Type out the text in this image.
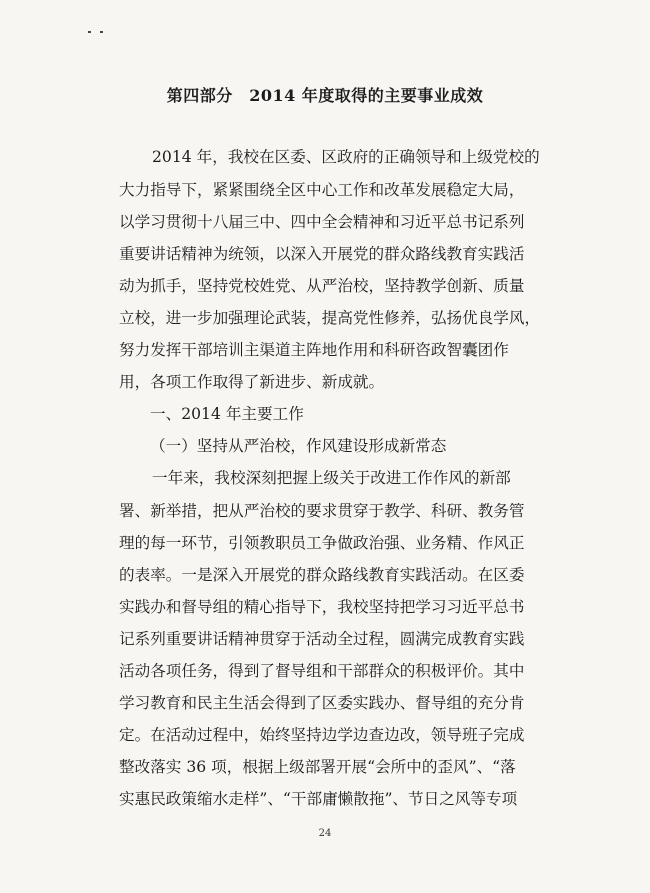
第四部分　2014 年度取得的主要事业成效
2014 年，我校在区委、区政府的正确领导和上级党校的
大力指导下，紧紧围绕全区中心工作和改革发展稳定大局，
以学习贯彻十八届三中、四中全会精神和习近平总书记系列
重要讲话精神为统领，以深入开展党的群众路线教育实践活
动为抓手，坚持党校姓党、从严治校，坚持教学创新、质量
立校，进一步加强理论武装，提高党性修养，弘扬优良学风，
努力发挥干部培训主渠道主阵地作用和科研咨政智囊团作
用，各项工作取得了新进步、新成就。
一、2014 年主要工作
（一）坚持从严治校，作风建设形成新常态
一年来，我校深刻把握上级关于改进工作作风的新部
署、新举措，把从严治校的要求贯穿于教学、科研、教务管
理的每一环节，引领教职员工争做政治强、业务精、作风正
的表率。一是深入开展党的群众路线教育实践活动。在区委
实践办和督导组的精心指导下，我校坚持把学习习近平总书
记系列重要讲话精神贯穿于活动全过程，圆满完成教育实践
活动各项任务，得到了督导组和干部群众的积极评价。其中
学习教育和民主生活会得到了区委实践办、督导组的充分肯
定。在活动过程中，始终坚持边学边查边改，领导班子完成
整改落实 36 项，根据上级部署开展“会所中的歪风”、“落
实惠民政策缩水走样”、“干部庸懒散拖”、节日之风等专项
24
